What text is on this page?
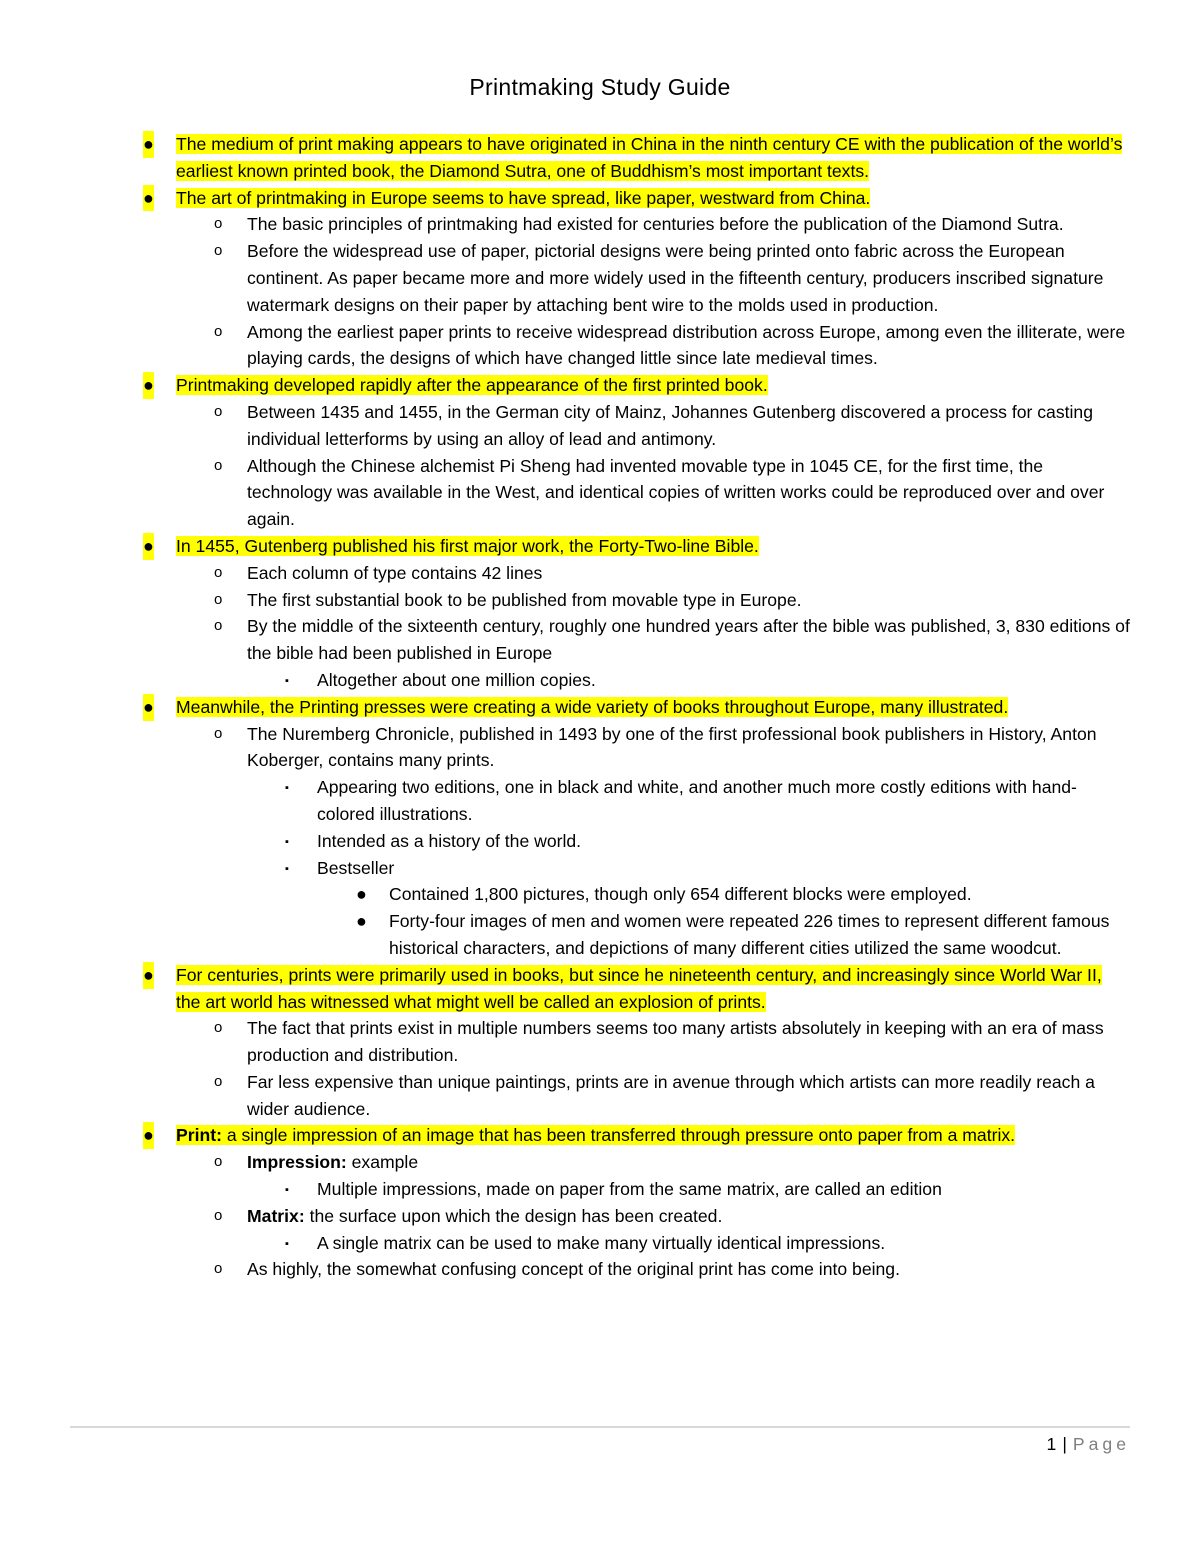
Printmaking Study Guide
● The medium of print making appears to have originated in China in the ninth century CE with the publication of the world’s earliest known printed book, the Diamond Sutra, one of Buddhism’s most important texts.
● The art of printmaking in Europe seems to have spread, like paper, westward from China.
o The basic principles of printmaking had existed for centuries before the publication of the Diamond Sutra.
o Before the widespread use of paper, pictorial designs were being printed onto fabric across the European continent. As paper became more and more widely used in the fifteenth century, producers inscribed signature watermark designs on their paper by attaching bent wire to the molds used in production.
o Among the earliest paper prints to receive widespread distribution across Europe, among even the illiterate, were playing cards, the designs of which have changed little since late medieval times.
● Printmaking developed rapidly after the appearance of the first printed book.
o Between 1435 and 1455, in the German city of Mainz, Johannes Gutenberg discovered a process for casting individual letterforms by using an alloy of lead and antimony.
o Although the Chinese alchemist Pi Sheng had invented movable type in 1045 CE, for the first time, the technology was available in the West, and identical copies of written works could be reproduced over and over again.
● In 1455, Gutenberg published his first major work, the Forty-Two-line Bible.
o Each column of type contains 42 lines
o The first substantial book to be published from movable type in Europe.
o By the middle of the sixteenth century, roughly one hundred years after the bible was published, 3, 830 editions of the bible had been published in Europe
▪ Altogether about one million copies.
● Meanwhile, the Printing presses were creating a wide variety of books throughout Europe, many illustrated.
o The Nuremberg Chronicle, published in 1493 by one of the first professional book publishers in History, Anton Koberger, contains many prints.
▪ Appearing two editions, one in black and white, and another much more costly editions with hand-colored illustrations.
▪ Intended as a history of the world.
▪ Bestseller
● Contained 1,800 pictures, though only 654 different blocks were employed.
● Forty-four images of men and women were repeated 226 times to represent different famous historical characters, and depictions of many different cities utilized the same woodcut.
● For centuries, prints were primarily used in books, but since he nineteenth century, and increasingly since World War II, the art world has witnessed what might well be called an explosion of prints.
o The fact that prints exist in multiple numbers seems too many artists absolutely in keeping with an era of mass production and distribution.
o Far less expensive than unique paintings, prints are in avenue through which artists can more readily reach a wider audience.
● Print: a single impression of an image that has been transferred through pressure onto paper from a matrix.
o Impression: example
▪ Multiple impressions, made on paper from the same matrix, are called an edition
o Matrix: the surface upon which the design has been created.
▪ A single matrix can be used to make many virtually identical impressions.
o As highly, the somewhat confusing concept of the original print has come into being.
1 | Page
